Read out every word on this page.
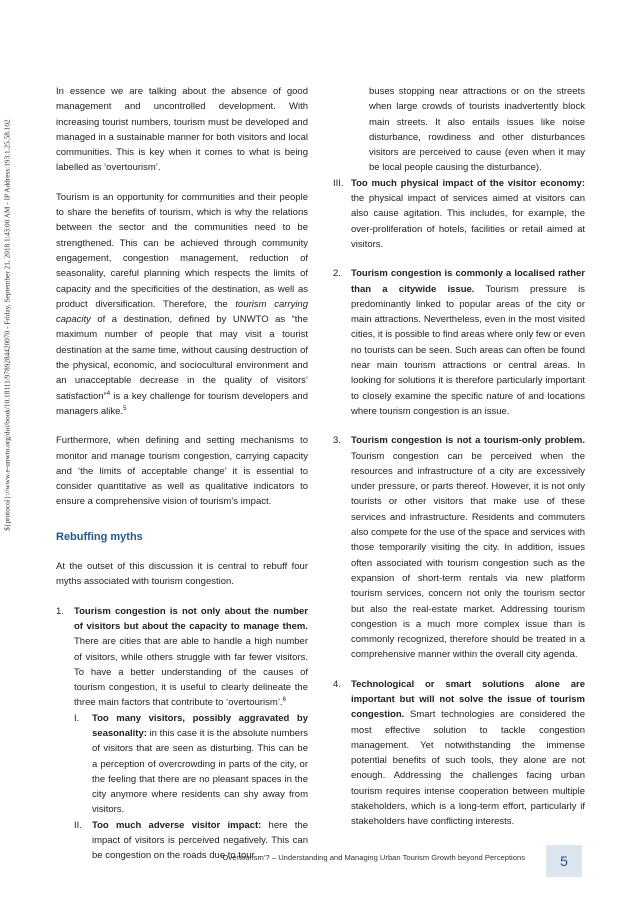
${protocol}://www.e-unwto.org/doi/book/10.18111/9789284420070 - Friday, September 21, 2018 1:43:00 AM - IP Address:193.1.25.58.102

In essence we are talking about the absence of good management and uncontrolled development. With increasing tourist numbers, tourism must be developed and managed in a sustainable manner for both visitors and local communities. This is key when it comes to what is being labelled as ‘overtourism’.

Tourism is an opportunity for communities and their people to share the benefits of tourism, which is why the relations between the sector and the communities need to be strengthened. This can be achieved through community engagement, congestion management, reduction of seasonality, careful planning which respects the limits of capacity and the specificities of the destination, as well as product diversification. Therefore, the tourism carrying capacity of a destination, defined by UNWTO as “the maximum number of people that may visit a tourist destination at the same time, without causing destruction of the physical, economic, and sociocultural environment and an unacceptable decrease in the quality of visitors’ satisfaction”$^4$ is a key challenge for tourism developers and managers alike.$^5$

Furthermore, when defining and setting mechanisms to monitor and manage tourism congestion, carrying capacity and ‘the limits of acceptable change’ it is essential to consider quantitative as well as qualitative indicators to ensure a comprehensive vision of tourism’s impact.

Rebuffing myths

At the outset of this discussion it is central to rebuff four myths associated with tourism congestion.

1. Tourism congestion is not only about the number of visitors but about the capacity to manage them. There are cities that are able to handle a high number of visitors, while others struggle with far fewer visitors. To have a better understanding of the causes of tourism congestion, it is useful to clearly delineate the three main factors that contribute to ‘overtourism’.$^6$
I. Too many visitors, possibly aggravated by seasonality: in this case it is the absolute numbers of visitors that are seen as disturbing. This can be a perception of overcrowding in parts of the city, or the feeling that there are no pleasant spaces in the city anymore where residents can shy away from visitors.
II. Too much adverse visitor impact: here the impact of visitors is perceived negatively. This can be congestion on the roads due to tour

buses stopping near attractions or on the streets when large crowds of tourists inadvertently block main streets. It also entails issues like noise disturbance, rowdiness and other disturbances visitors are perceived to cause (even when it may be local people causing the disturbance).

III. Too much physical impact of the visitor economy: the physical impact of services aimed at visitors can also cause agitation. This includes, for example, the over-proliferation of hotels, facilities or retail aimed at visitors.
2. Tourism congestion is commonly a localised rather than a citywide issue. Tourism pressure is predominantly linked to popular areas of the city or main attractions. Nevertheless, even in the most visited cities, it is possible to find areas where only few or even no tourists can be seen. Such areas can often be found near main tourism attractions or central areas. In looking for solutions it is therefore particularly important to closely examine the specific nature of and locations where tourism congestion is an issue.
3. Tourism congestion is not a tourism-only problem. Tourism congestion can be perceived when the resources and infrastructure of a city are excessively under pressure, or parts thereof. However, it is not only tourists or other visitors that make use of these services and infrastructure. Residents and commuters also compete for the use of the space and services with those temporarily visiting the city. In addition, issues often associated with tourism congestion such as the expansion of short-term rentals via new platform tourism services, concern not only the tourism sector but also the real-estate market. Addressing tourism congestion is a much more complex issue than is commonly recognized, therefore should be treated in a comprehensive manner within the overall city agenda.
4. Technological or smart solutions alone are important but will not solve the issue of tourism congestion. Smart technologies are considered the most effective solution to tackle congestion management. Yet notwithstanding the immense potential benefits of such tools, they alone are not enough. Addressing the challenges facing urban tourism requires intense cooperation between multiple stakeholders, which is a long-term effort, particularly if stakeholders have conflicting interests.
‘Overtourism’? – Understanding and Managing Urban Tourism Growth beyond Perceptions	5
